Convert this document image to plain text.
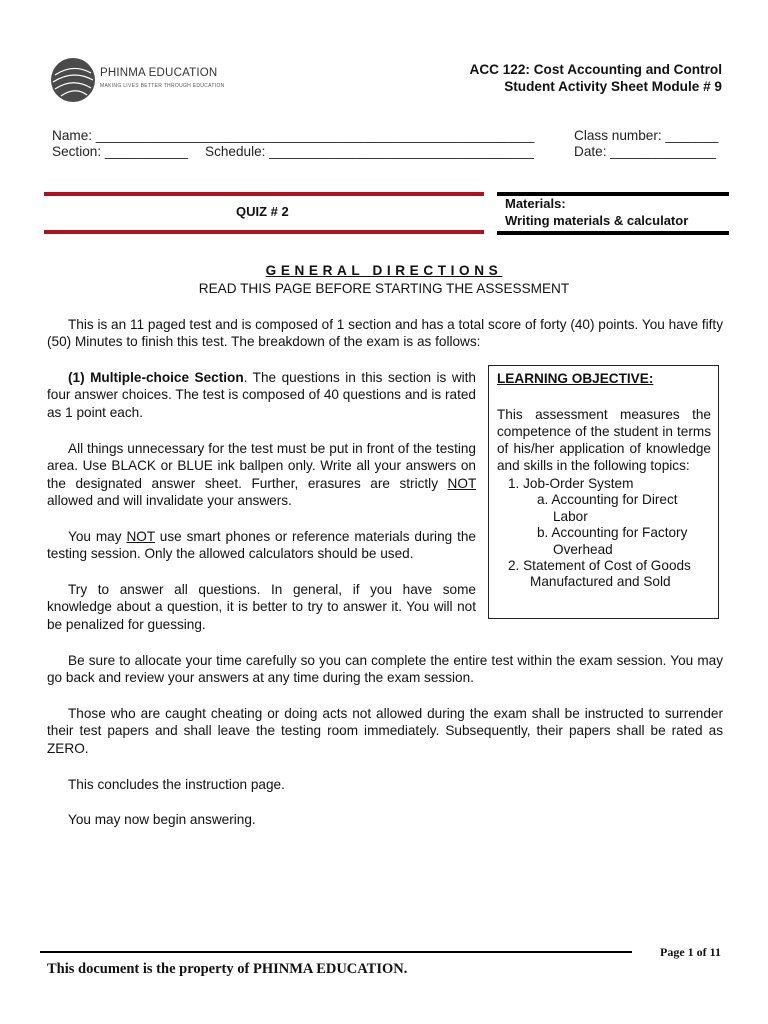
PHINMA EDUCATION
MAKING LIVES BETTER THROUGH EDUCATION
ACC 122: Cost Accounting and Control
Student Activity Sheet Module # 9
Name: __________________________________________________________
Section: ___________ Schedule: ___________________________________
Class number: _______
Date: ______________
QUIZ # 2
Materials:
Writing materials & calculator
GENERAL DIRECTIONS
READ THIS PAGE BEFORE STARTING THE ASSESSMENT

This is an 11 paged test and is composed of 1 section and has a total score of forty (40) points. You have fifty (50) Minutes to finish this test. The breakdown of the exam is as follows:

(1) Multiple-choice Section. The questions in this section is with four answer choices. The test is composed of 40 questions and is rated as 1 point each.

All things unnecessary for the test must be put in front of the testing area. Use BLACK or BLUE ink ballpen only. Write all your answers on the designated answer sheet. Further, erasures are strictly NOT allowed and will invalidate your answers.

You may NOT use smart phones or reference materials during the testing session. Only the allowed calculators should be used.

Try to answer all questions. In general, if you have some knowledge about a question, it is better to try to answer it. You will not be penalized for guessing.

Be sure to allocate your time carefully so you can complete the entire test within the exam session. You may go back and review your answers at any time during the exam session.

Those who are caught cheating or doing acts not allowed during the exam shall be instructed to surrender their test papers and shall leave the testing room immediately. Subsequently, their papers shall be rated as ZERO.

This concludes the instruction page.

You may now begin answering.

LEARNING OBJECTIVE:

This assessment measures the competence of the student in terms of his/her application of knowledge and skills in the following topics:

1. Job-Order System
a. Accounting for Direct
Labor
b. Accounting for Factory
Overhead
2. Statement of Cost of Goods
Manufactured and Sold
Page 1 of 11
This document is the property of PHINMA EDUCATION.
